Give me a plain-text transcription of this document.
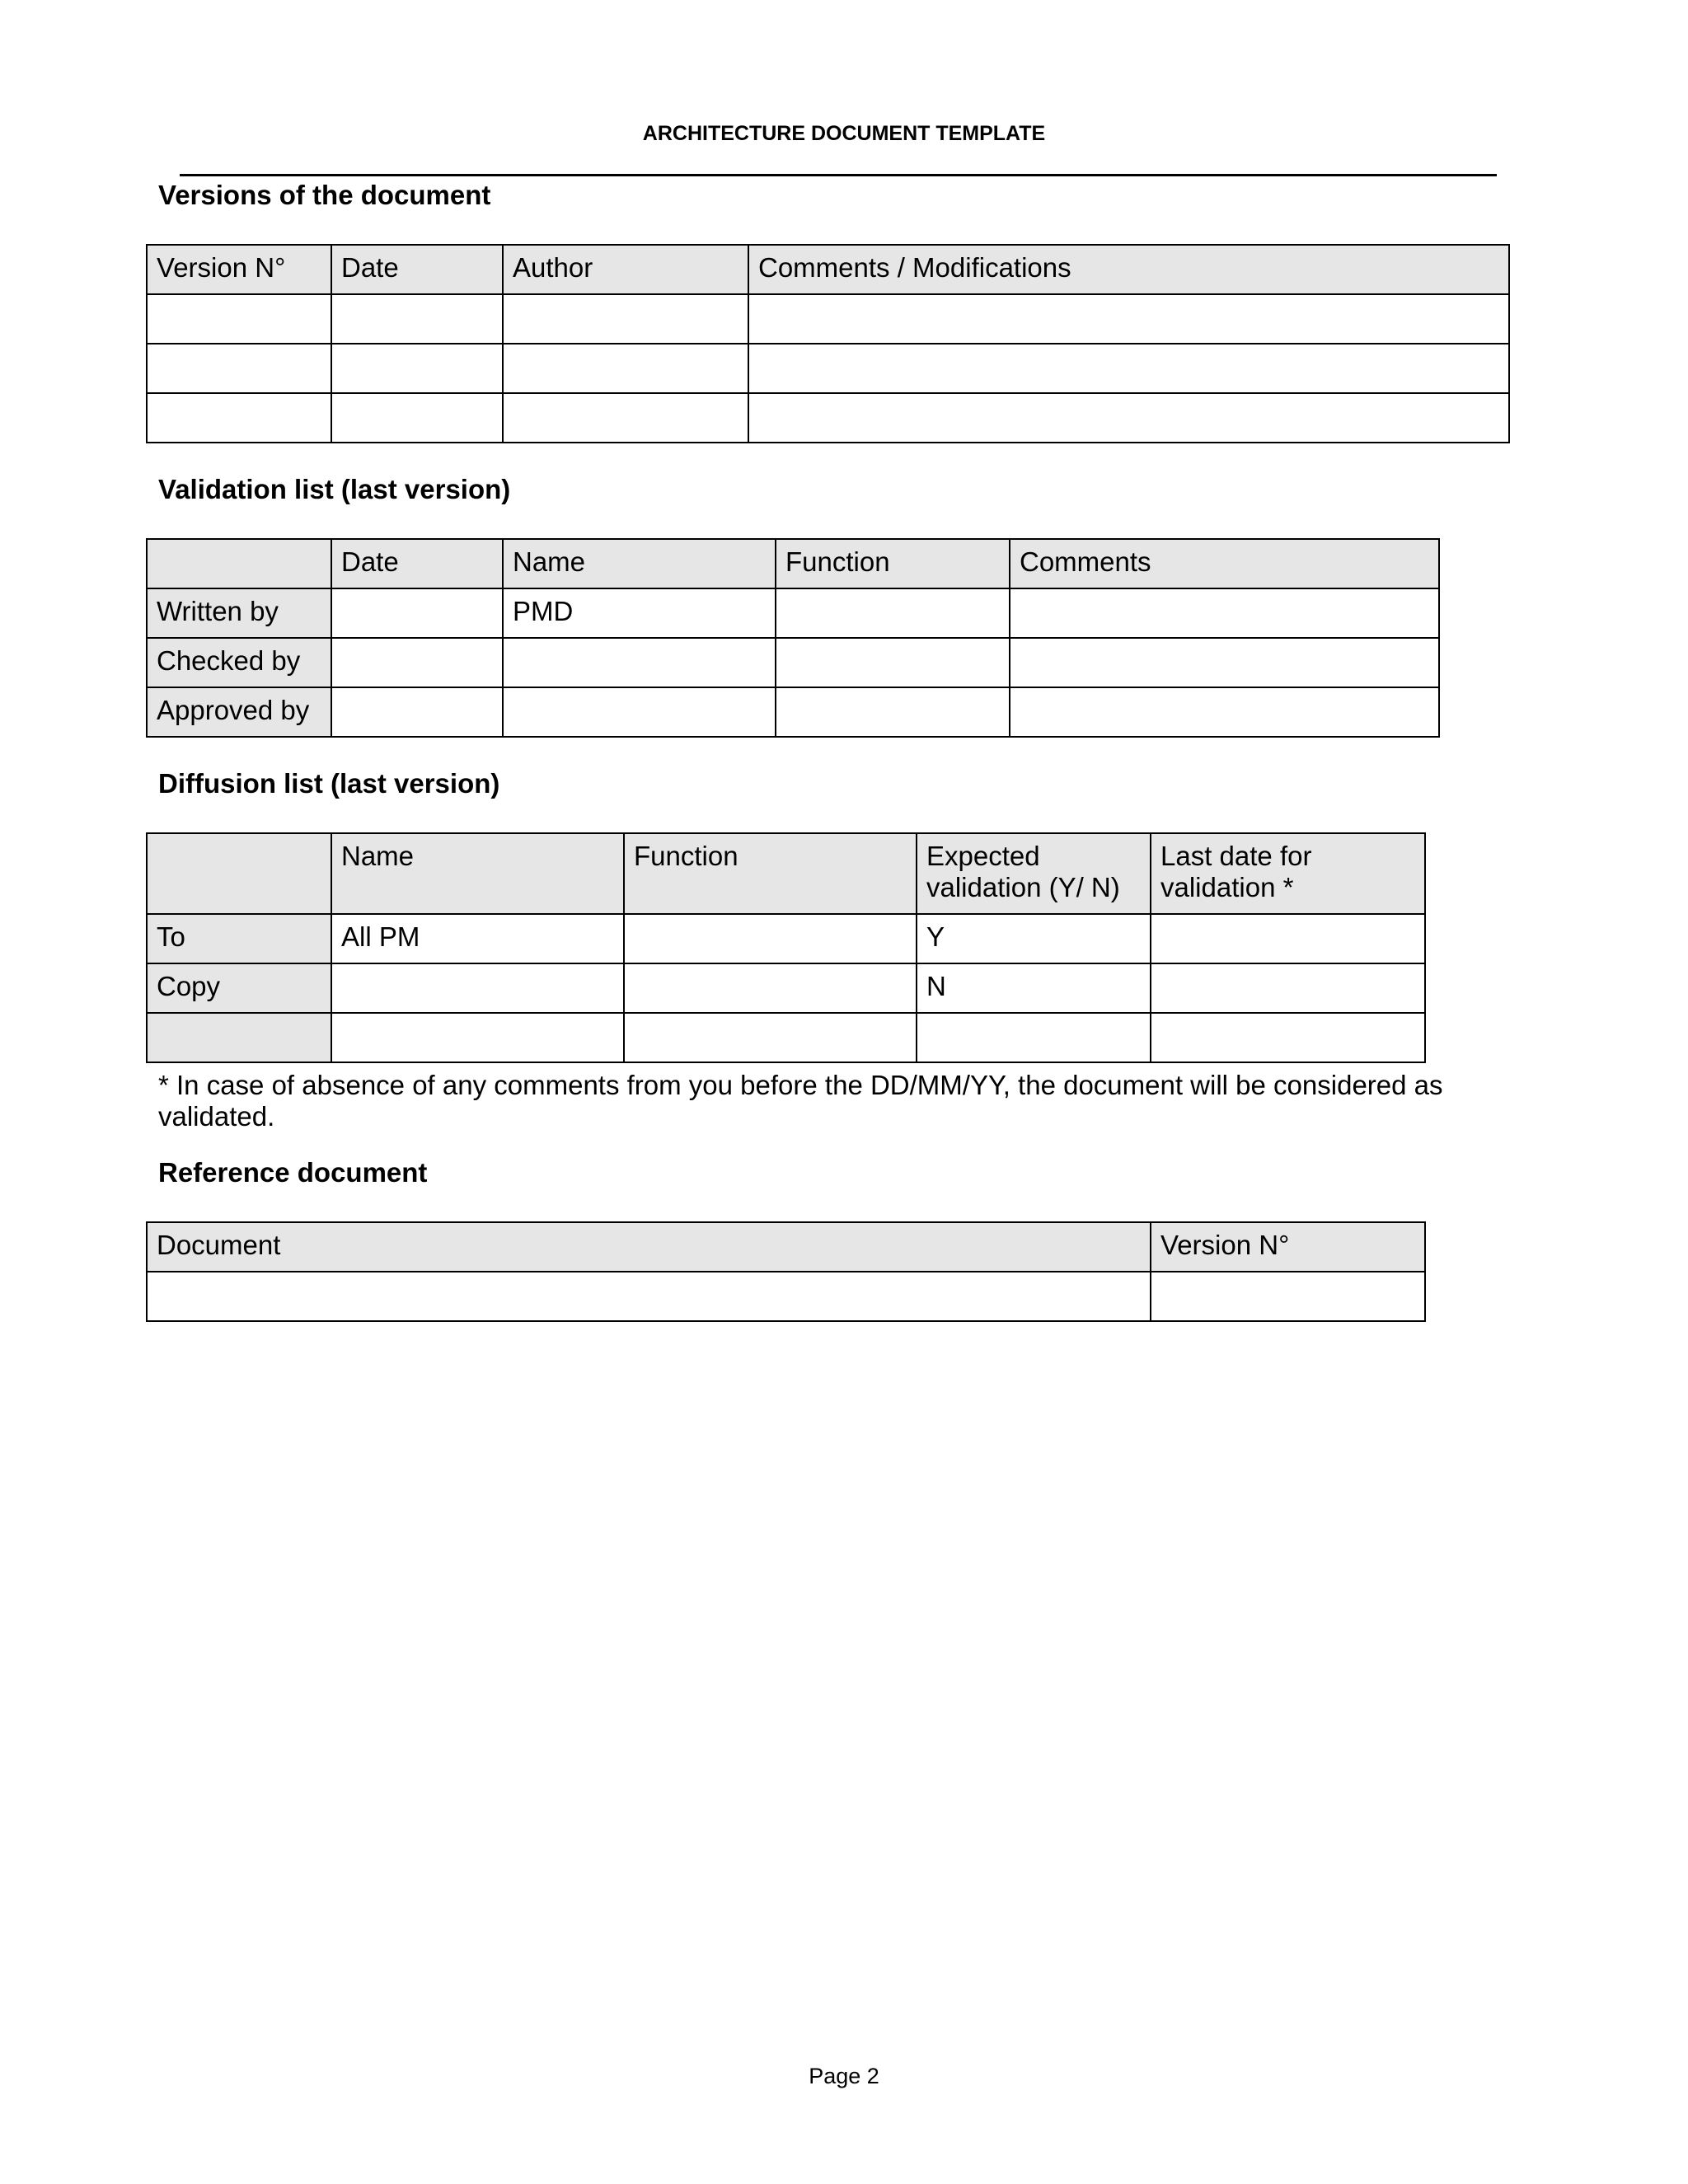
ARCHITECTURE DOCUMENT TEMPLATE
Versions of the document
Version N°	Date	Author	Comments / Modifications

Validation list (last version)
	Date	Name	Function	Comments
Written by		PMD		
Checked by				
Approved by				
Diffusion list (last version)
	Name	Function	Expected validation (Y/ N)	Last date for validation *
To	All PM		Y	
Copy			N	

* In case of absence of any comments from you before the DD/MM/YY, the document will be considered as validated.

Reference document
Document	Version N°

Page 2
